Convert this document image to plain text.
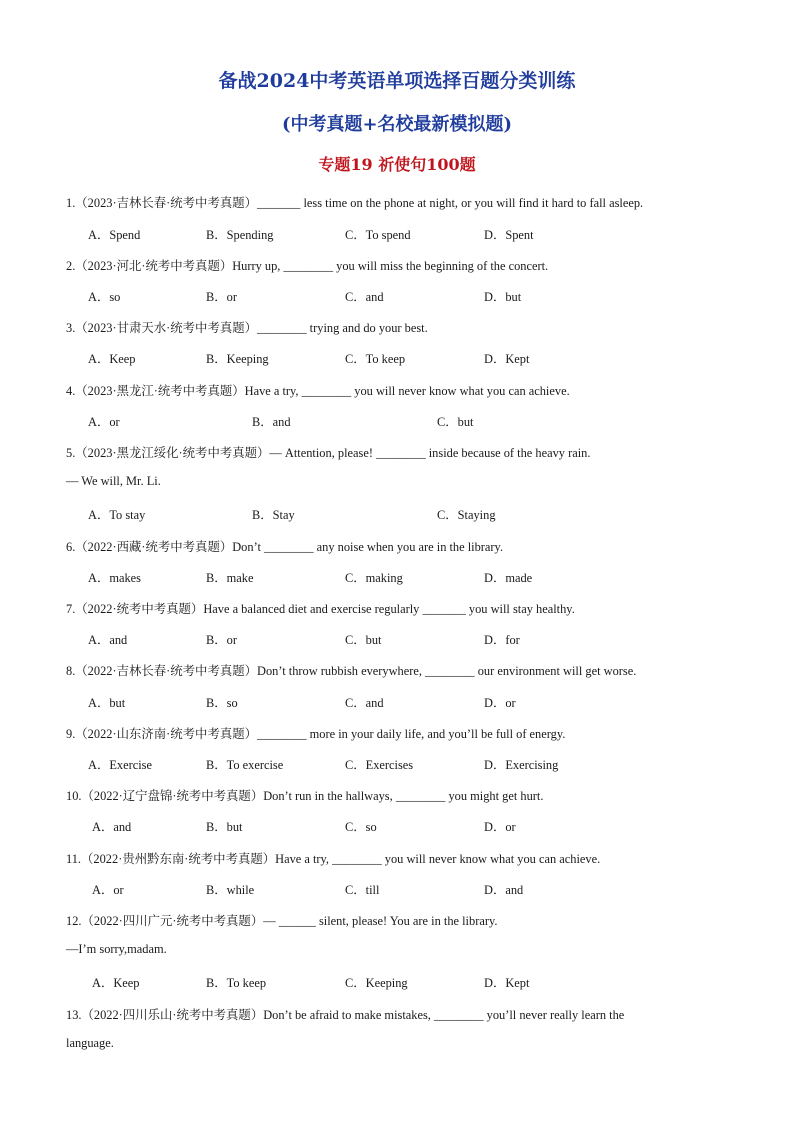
备战2024中考英语单项选择百题分类训练
(中考真题+名校最新模拟题)
专题19 祈使句100题
1.（2023·吉林长春·统考中考真题）_______ less time on the phone at night, or you will find it hard to fall asleep.
A．Spend	B．Spending	C．To spend	D．Spent
2.（2023·河北·统考中考真题）Hurry up, ________ you will miss the beginning of the concert.
A．so	B．or	C．and	D．but
3.（2023·甘肃天水·统考中考真题）________ trying and do your best.
A．Keep	B．Keeping	C．To keep	D．Kept
4.（2023·黑龙江·统考中考真题）Have a try, ________ you will never know what you can achieve.
A．or	B．and	C．but
5.（2023·黑龙江绥化·统考中考真题）— Attention, please! ________ inside because of the heavy rain.
— We will, Mr. Li.
A．To stay	B．Stay	C．Staying
6.（2022·西藏·统考中考真题）Don’t ________ any noise when you are in the library.
A．makes	B．make	C．making	D．made
7.（2022·统考中考真题）Have a balanced diet and exercise regularly _______ you will stay healthy.
A．and	B．or	C．but	D．for
8.（2022·吉林长春·统考中考真题）Don’t throw rubbish everywhere, ________ our environment will get worse.
A．but	B．so	C．and	D．or
9.（2022·山东济南·统考中考真题）________ more in your daily life, and you’ll be full of energy.
A．Exercise	B．To exercise	C．Exercises	D．Exercising
10.（2022·辽宁盘锦·统考中考真题）Don’t run in the hallways, ________ you might get hurt.
A．and	B．but	C．so	D．or
11.（2022·贵州黔东南·统考中考真题）Have a try, ________ you will never know what you can achieve.
A．or	B．while	C．till	D．and
12.（2022·四川广元·统考中考真题）— ______ silent, please! You are in the library.
—I’m sorry,madam.
A．Keep	B．To keep	C．Keeping	D．Kept
13.（2022·四川乐山·统考中考真题）Don’t be afraid to make mistakes, ________ you’ll never really learn the
language.
